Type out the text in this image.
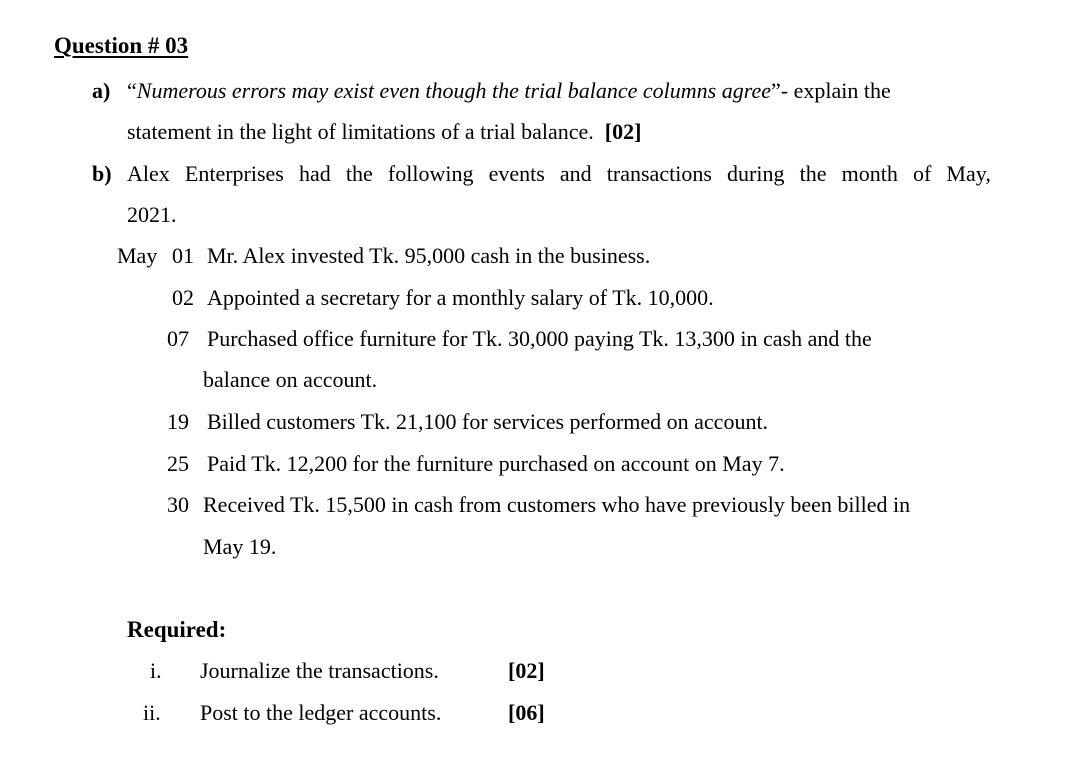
Question # 03
a) “Numerous errors may exist even though the trial balance columns agree”- explain the
statement in the light of limitations of a trial balance. [02]
b) Alex Enterprises had the following events and transactions during the month of May,
2021.
May 01 Mr. Alex invested Tk. 95,000 cash in the business.
02 Appointed a secretary for a monthly salary of Tk. 10,000.
07 Purchased office furniture for Tk. 30,000 paying Tk. 13,300 in cash and the
balance on account.
19 Billed customers Tk. 21,100 for services performed on account.
25 Paid Tk. 12,200 for the furniture purchased on account on May 7.
30 Received Tk. 15,500 in cash from customers who have previously been billed in
May 19.
Required:
i. Journalize the transactions.	[02]
ii. Post to the ledger accounts.	[06]
